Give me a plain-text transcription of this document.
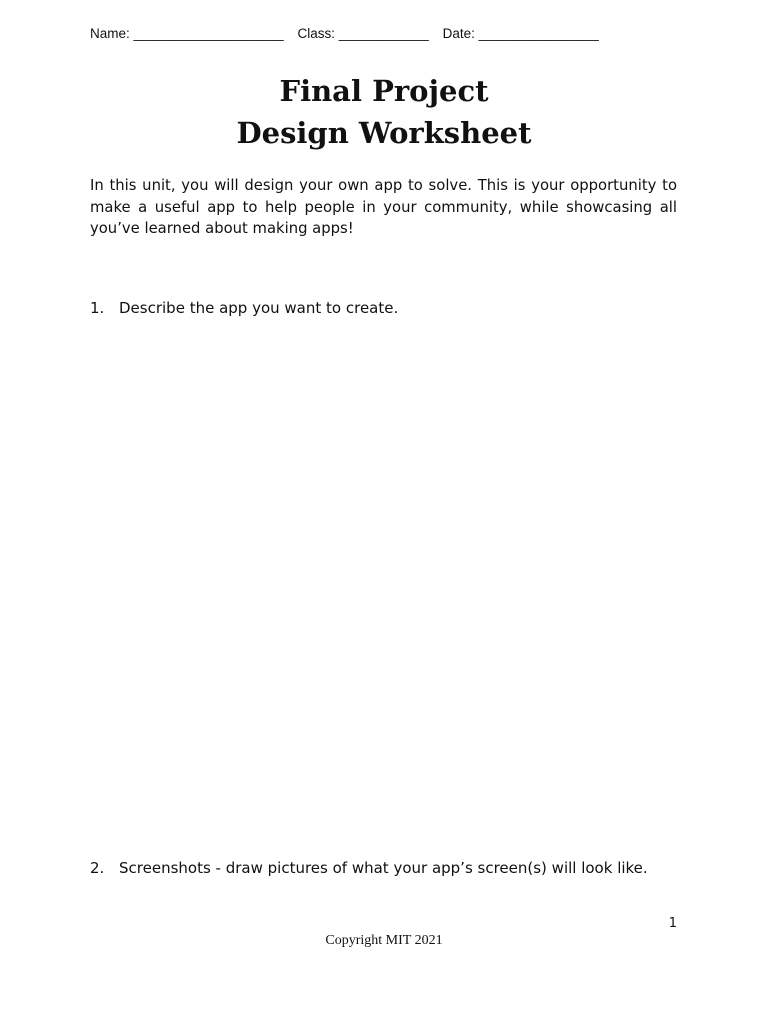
Name: ____________________ Class: ____________ Date: ________________
Final Project
Design Worksheet
In this unit, you will design your own app to solve. This is your opportunity to make a useful app to help people in your community, while showcasing all you’ve learned about making apps!
1. Describe the app you want to create.
2. Screenshots - draw pictures of what your app’s screen(s) will look like.
1
Copyright MIT 2021
